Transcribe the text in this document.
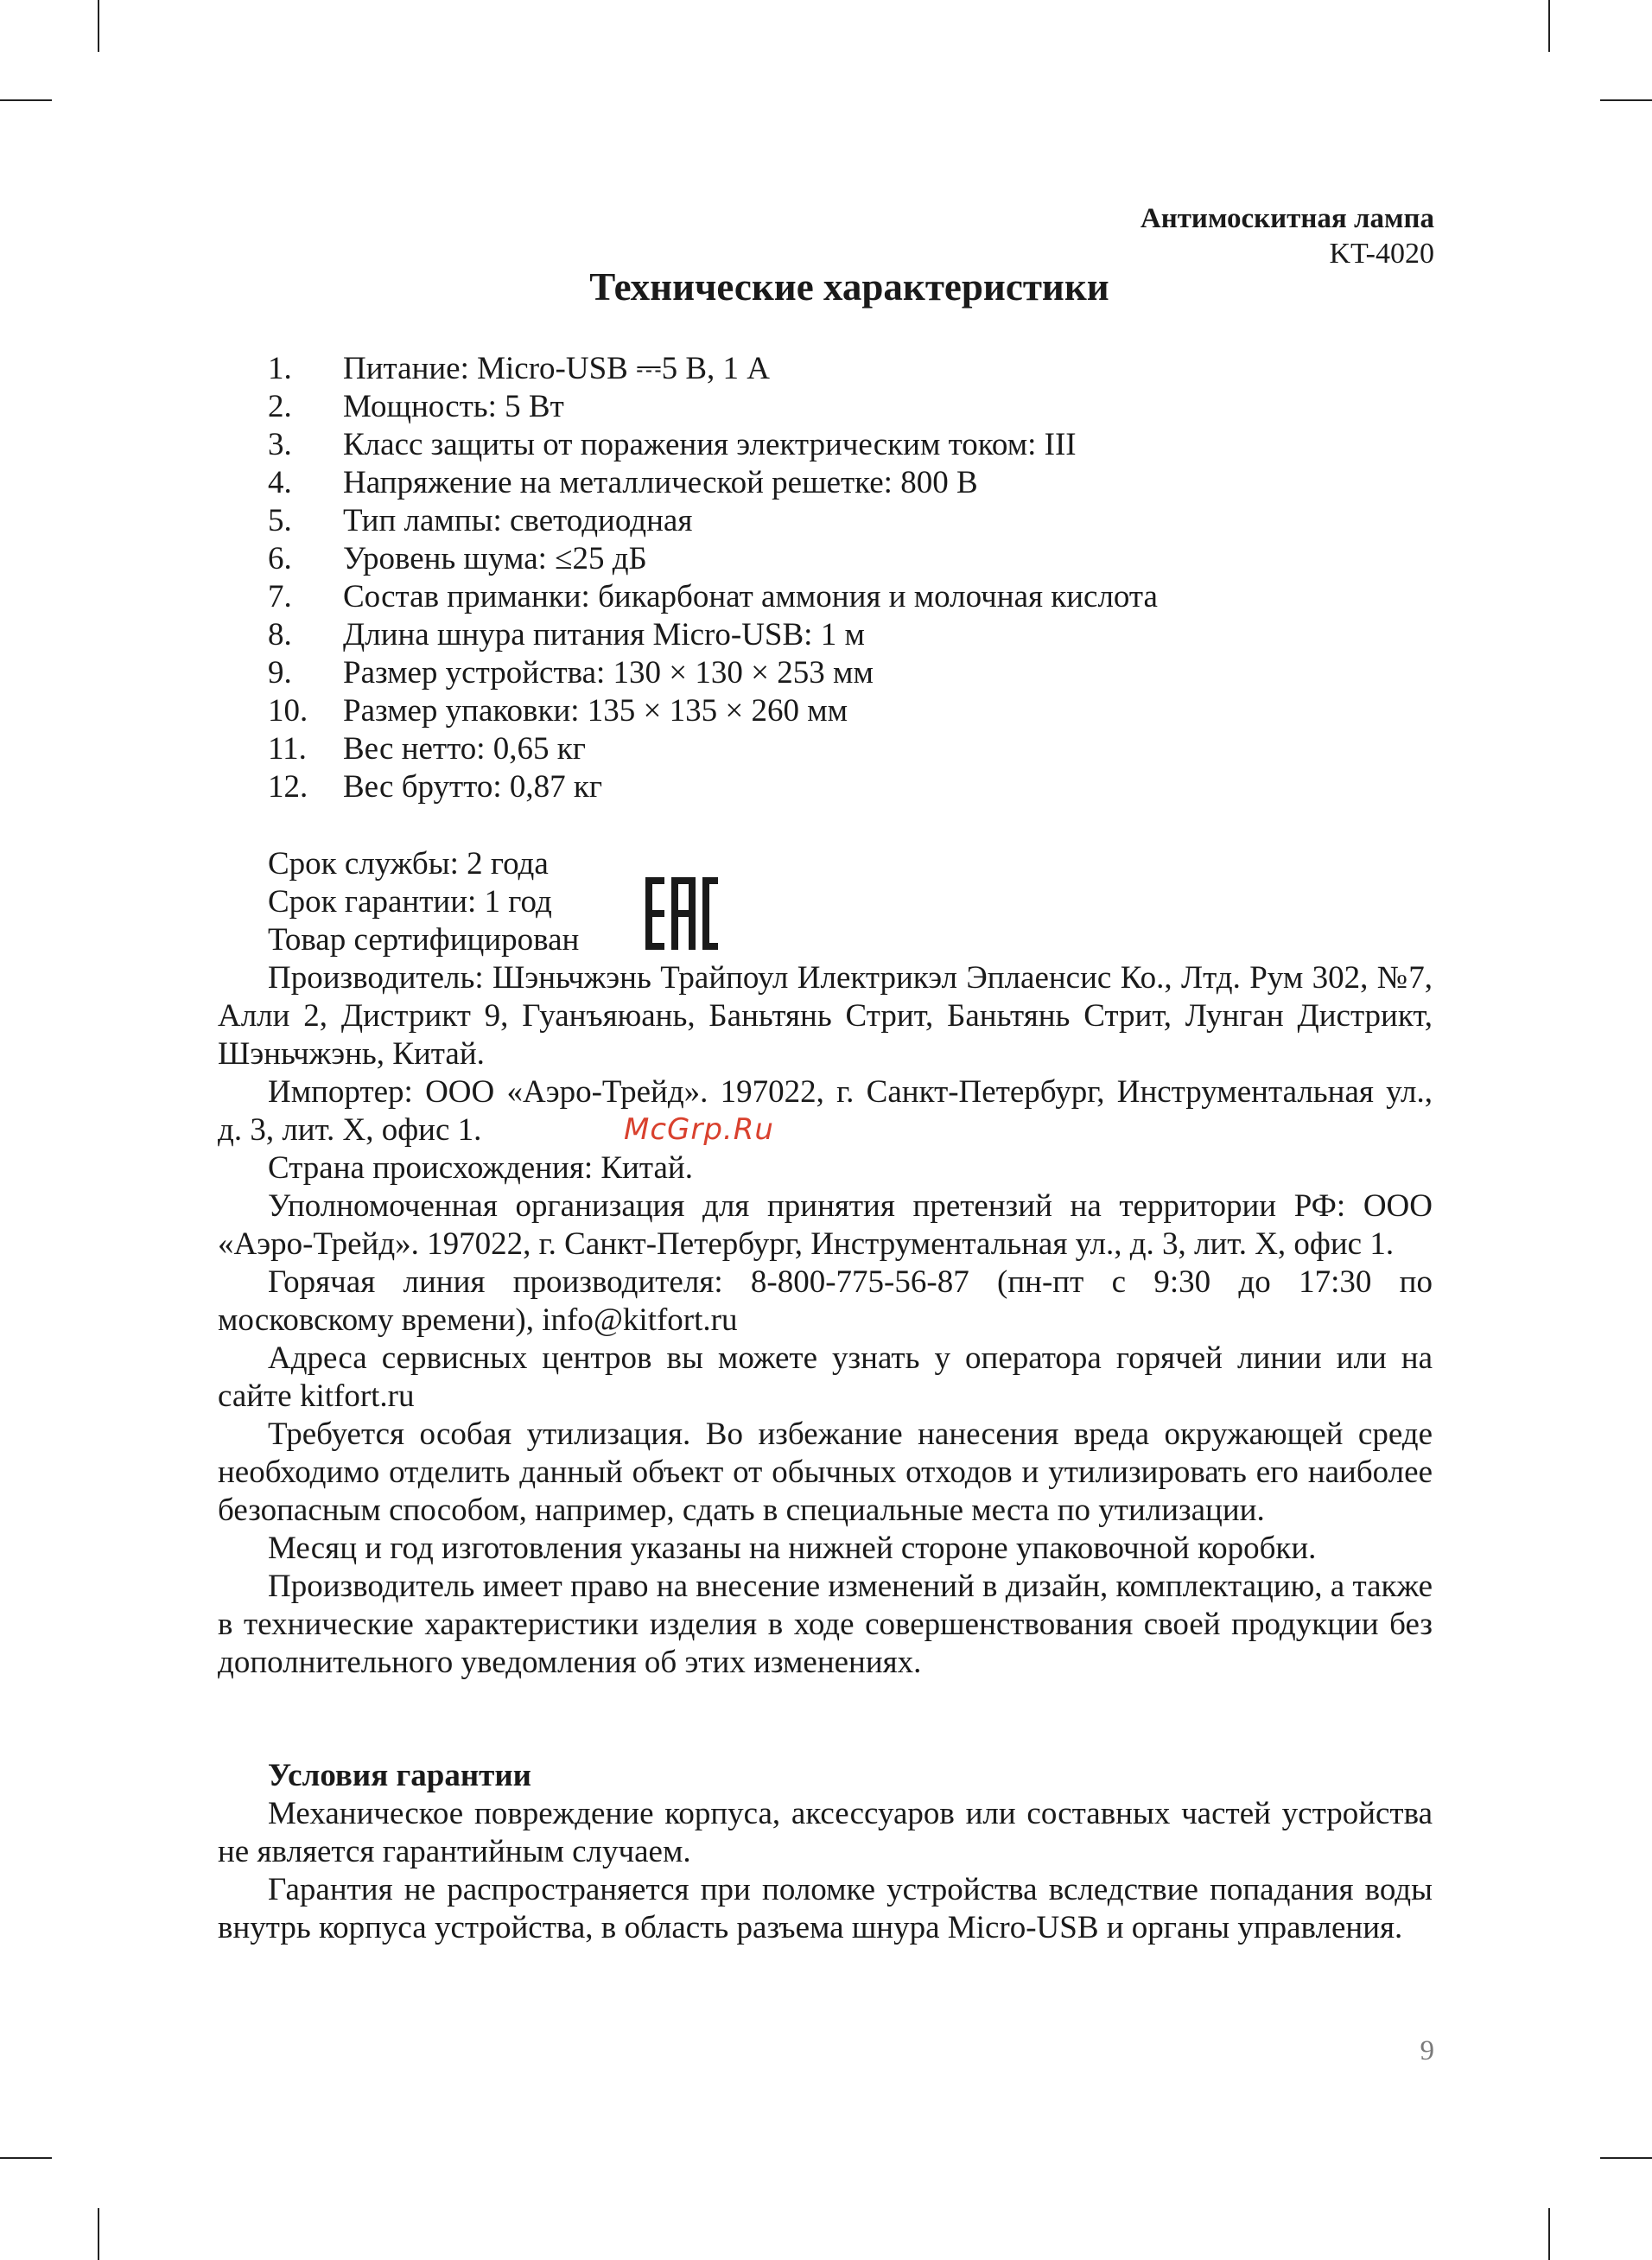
Антимоскитная лампа

KT-4020

Технические характеристики
1.	Питание: Micro-USB ⎓5 В, 1 А
2.	Мощность: 5 Вт
3.	Класс защиты от поражения электрическим током: III
4.	Напряжение на металлической решетке: 800 В
5.	Тип лампы: светодиодная
6.	Уровень шума: ≤25 дБ
7.	Состав приманки: бикарбонат аммония и молочная кислота
8.	Длина шнура питания Micro-USB: 1 м
9.	Размер устройства: 130 × 130 × 253 мм
10.	Размер упаковки: 135 × 135 × 260 мм
11.	Вес нетто: 0,65 кг
12.	Вес брутто: 0,87 кг

Срок службы: 2 года

Срок гарантии: 1 год

Товар сертифицирован

Производитель: Шэньчжэнь Трайпоул Илектрикэл Эплаенсис Ко., Лтд. Рум 302, №7, Алли 2, Дистрикт 9, Гуанъяюань, Баньтянь Стрит, Баньтянь Стрит, Лунган Дистрикт, Шэньчжэнь, Китай.

Импортер: ООО «Аэро-Трейд». 197022, г. Санкт-Петербург, Инструментальная ул., д. 3, лит. Х, офис 1.

Страна происхождения: Китай.

Уполномоченная организация для принятия претензий на территории РФ: ООО «Аэро-Трейд». 197022, г. Санкт-Петербург, Инструментальная ул., д. 3, лит. Х, офис 1.

Горячая линия производителя: 8-800-775-56-87 (пн-пт с 9:30 до 17:30 по московскому времени), info@kitfort.ru

Адреса сервисных центров вы можете узнать у оператора горячей линии или на сайте kitfort.ru

Требуется особая утилизация. Во избежание нанесения вреда окружающей среде необходимо отделить данный объект от обычных отходов и утилизировать его наиболее безопасным способом, например, сдать в специальные места по утилизации.

Месяц и год изготовления указаны на нижней стороне упаковочной коробки.

Производитель имеет право на внесение изменений в дизайн, комплектацию, а также в технические характеристики изделия в ходе совершенствования своей продукции без дополнительного уведомления об этих изменениях.

McGrp.Ru

Условия гарантии

Механическое повреждение корпуса, аксессуаров или составных частей устройства не является гарантийным случаем.

Гарантия не распространяется при поломке устройства вследствие попадания воды внутрь корпуса устройства, в область разъема шнура Micro-USB и органы управления.

9
